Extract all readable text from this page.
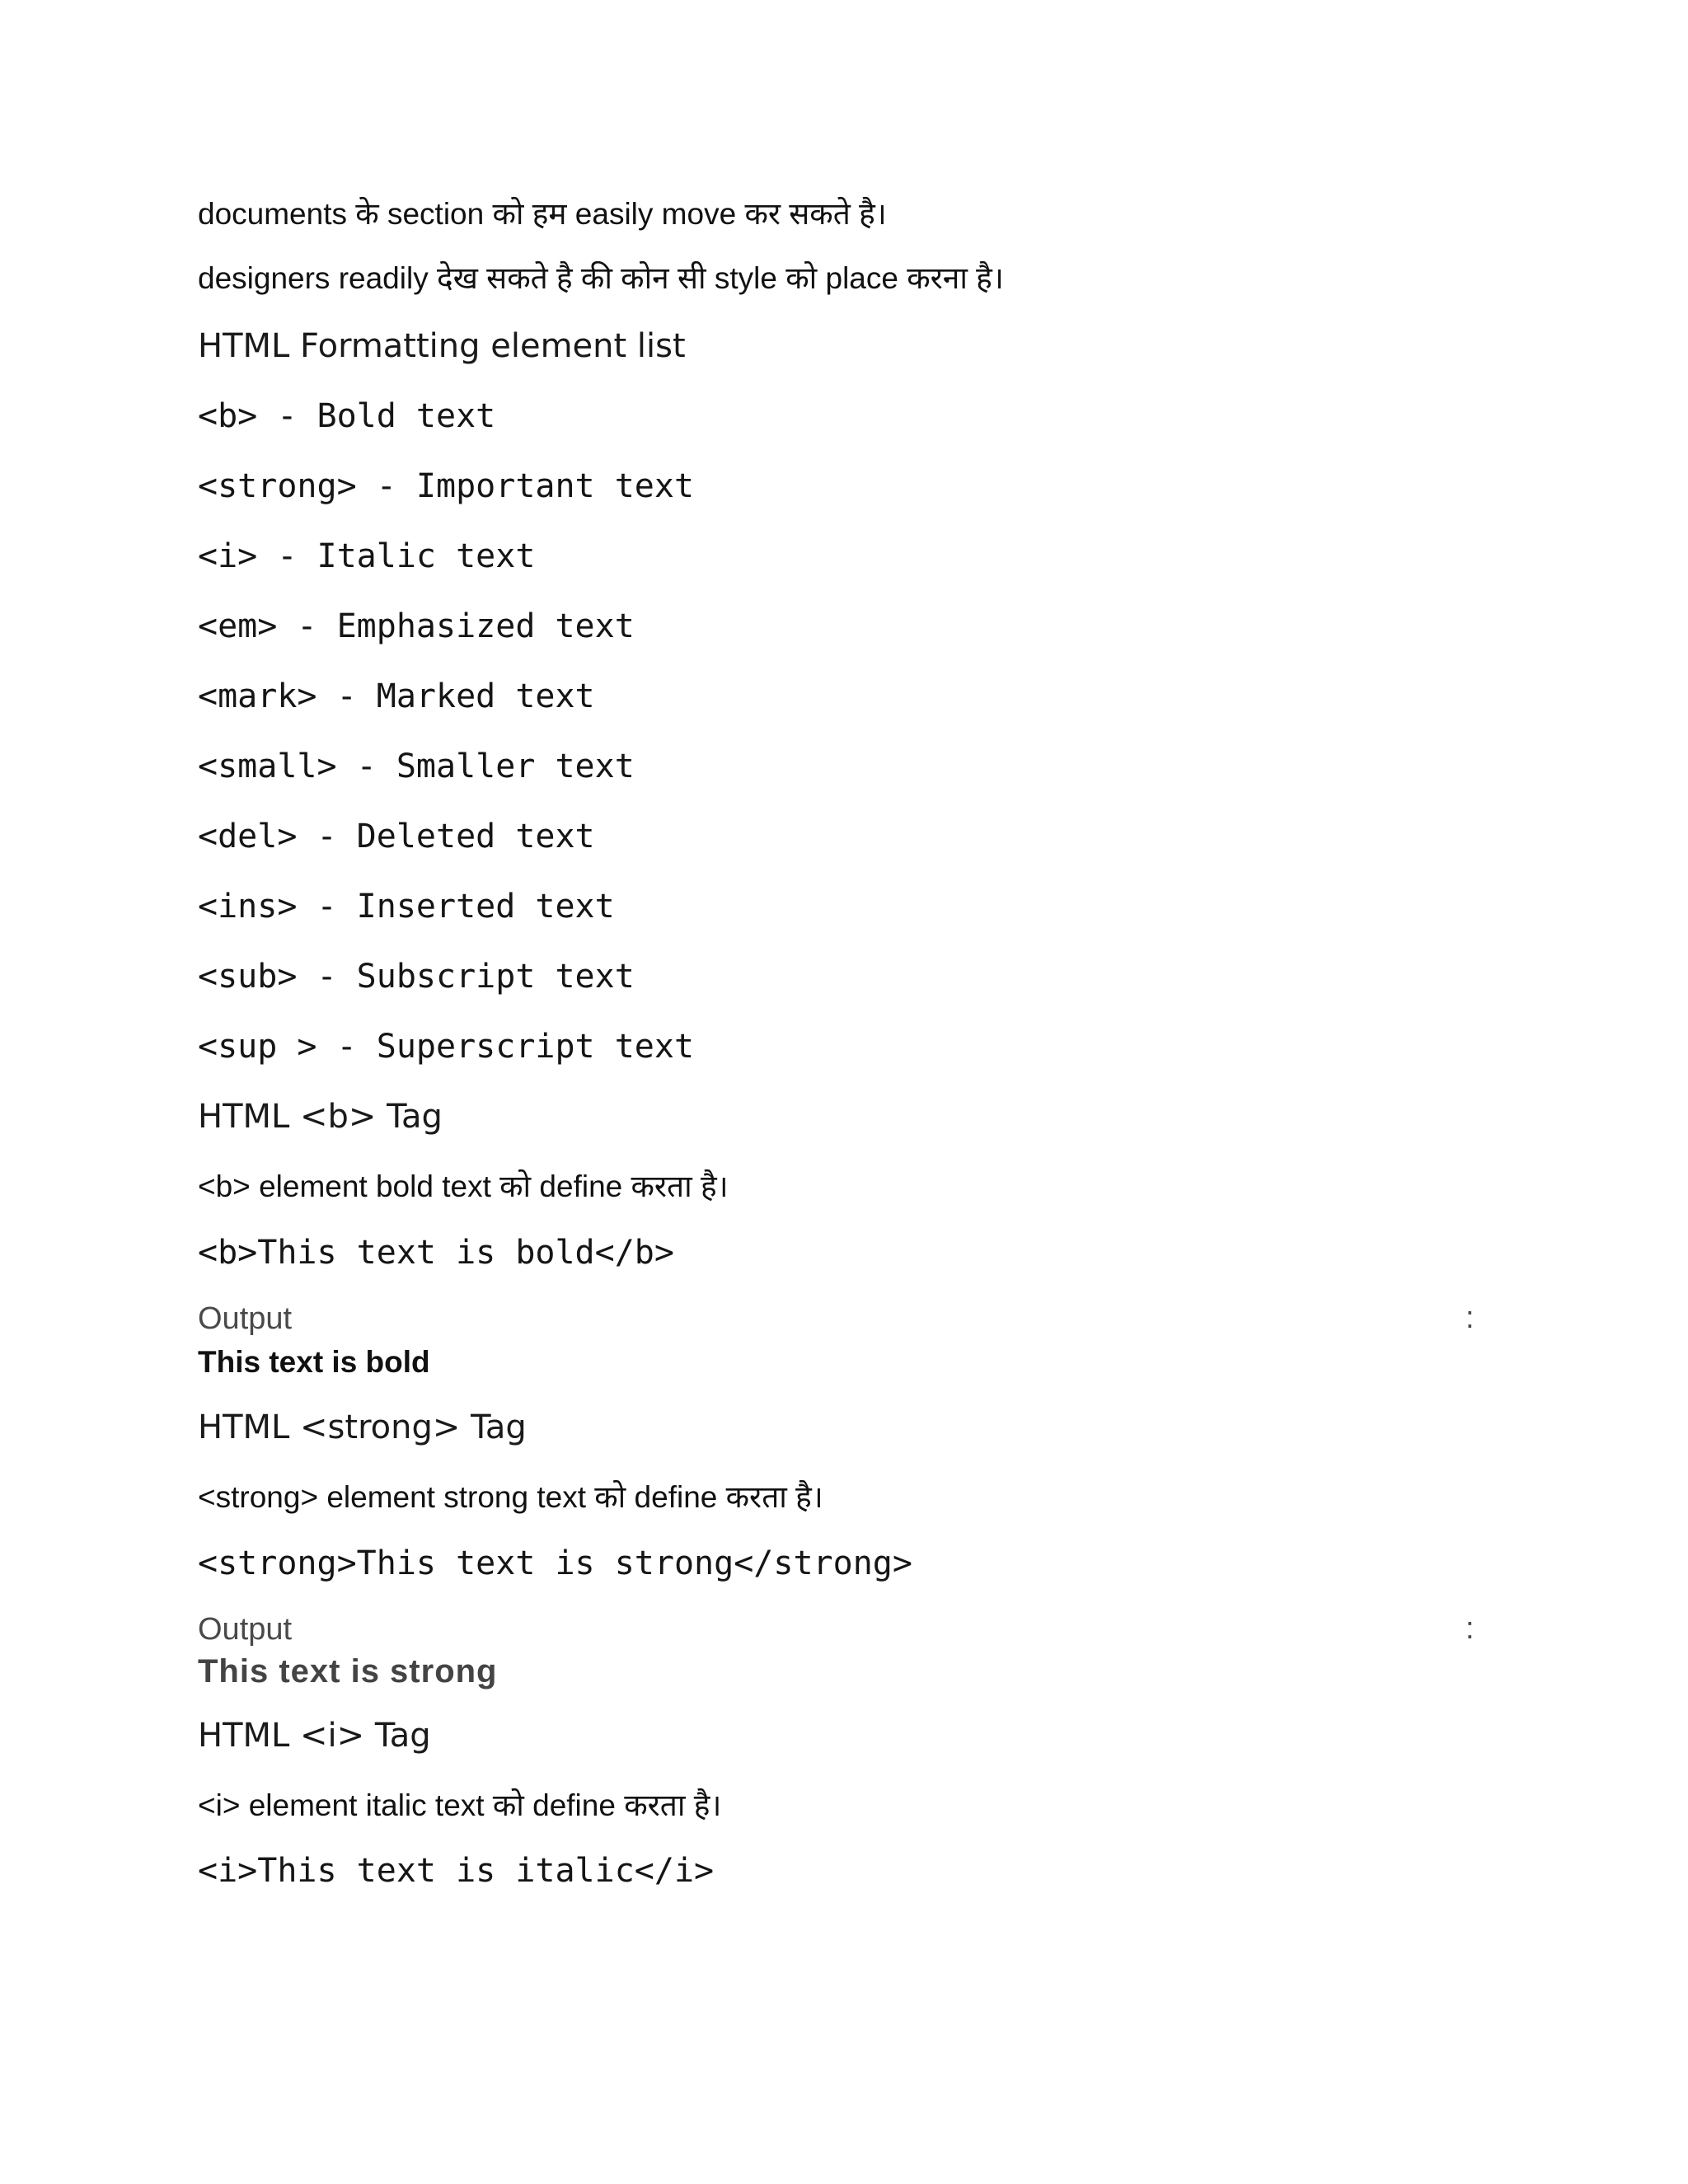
documents के section को हम easily move कर सकते है।
designers readily देख सकते है की कोन सी style को place करना है।
HTML Formatting element list
<b> - Bold text
<strong> - Important text
<i> - Italic text
<em> - Emphasized text
<mark> - Marked text
<small> - Smaller text
<del> - Deleted text
<ins> - Inserted text
<sub> - Subscript text
<sup > - Superscript text
HTML <b> Tag
<b> element bold text को define करता है।
<b>This text is bold</b>
Output	:
This text is bold
HTML <strong> Tag
<strong> element strong text को define करता है।
<strong>This text is strong</strong>
Output	:
This text is strong
HTML <i> Tag
<i> element italic text को define करता है।
<i>This text is italic</i>
